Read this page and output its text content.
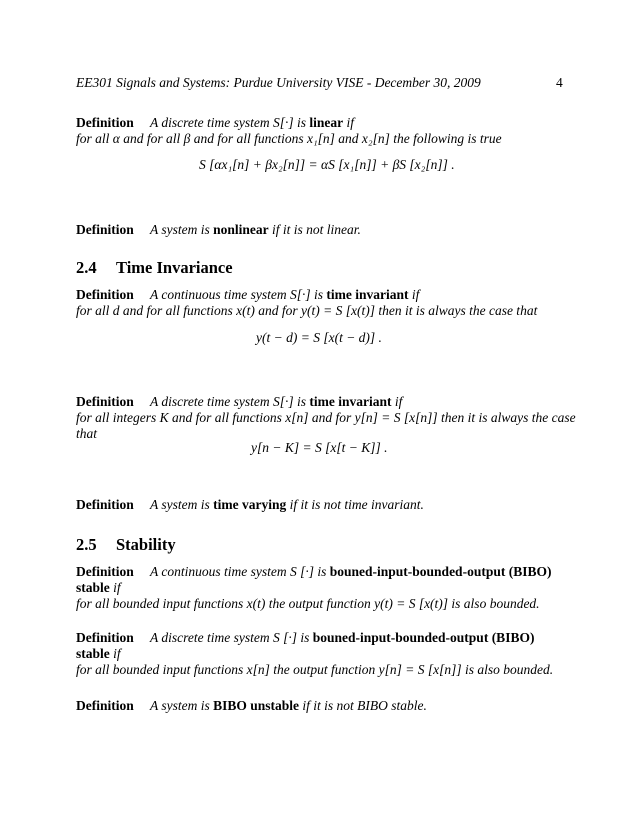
EE301 Signals and Systems: Purdue University VISE - December 30, 2009	4
Definition A discrete time system S[·] is linear if
for all α and for all β and for all functions x₁[n] and x₂[n] the following is true
S [αx₁[n] + βx₂[n]] = αS [x₁[n]] + βS [x₂[n]] .
Definition A system is nonlinear if it is not linear.
2.4 Time Invariance
Definition A continuous time system S[·] is time invariant if
for all d and for all functions x(t) and for y(t) = S [x(t)] then it is always the case that
y(t − d) = S [x(t − d)] .
Definition A discrete time system S[·] is time invariant if
for all integers K and for all functions x[n] and for y[n] = S [x[n]] then it is always the case
that
y[n − K] = S [x[t − K]] .
Definition A system is time varying if it is not time invariant.
2.5 Stability
Definition A continuous time system S [·] is bouned-input-bounded-output (BIBO)
stable if
for all bounded input functions x(t) the output function y(t) = S [x(t)] is also bounded.
Definition A discrete time system S [·] is bouned-input-bounded-output (BIBO)
stable if
for all bounded input functions x[n] the output function y[n] = S [x[n]] is also bounded.
Definition A system is BIBO unstable if it is not BIBO stable.
